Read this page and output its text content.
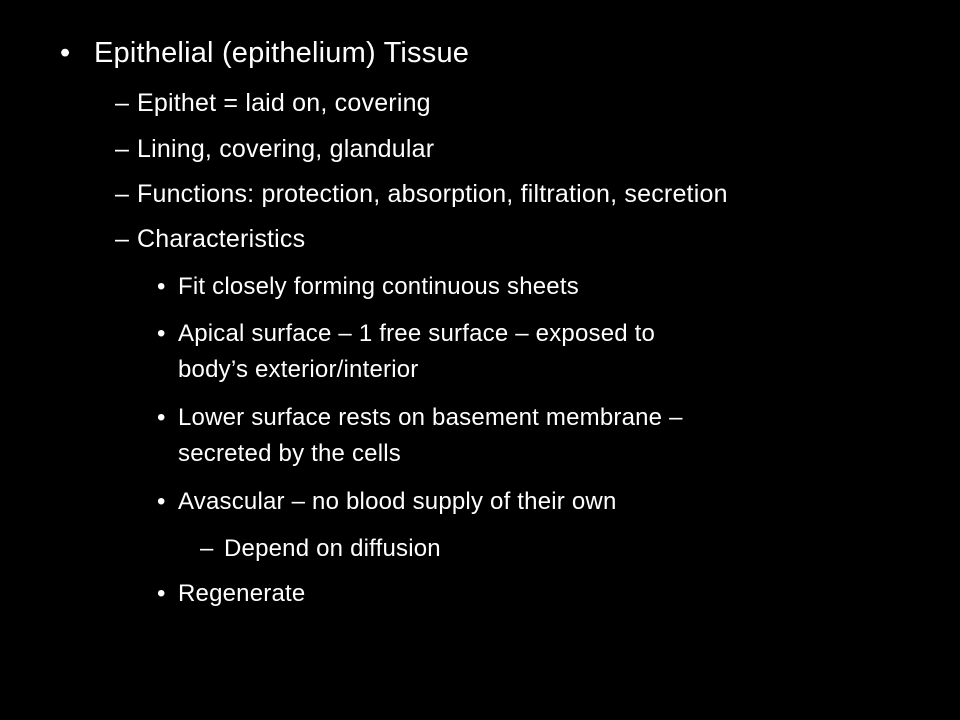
• Epithelial (epithelium) Tissue
– Epithet = laid on, covering
– Lining, covering, glandular
– Functions: protection, absorption, filtration, secretion
– Characteristics
• Fit closely forming continuous sheets
• Apical surface – 1 free surface – exposed to
body’s exterior/interior
• Lower surface rests on basement membrane –
secreted by the cells
• Avascular – no blood supply of their own
– Depend on diffusion
• Regenerate
